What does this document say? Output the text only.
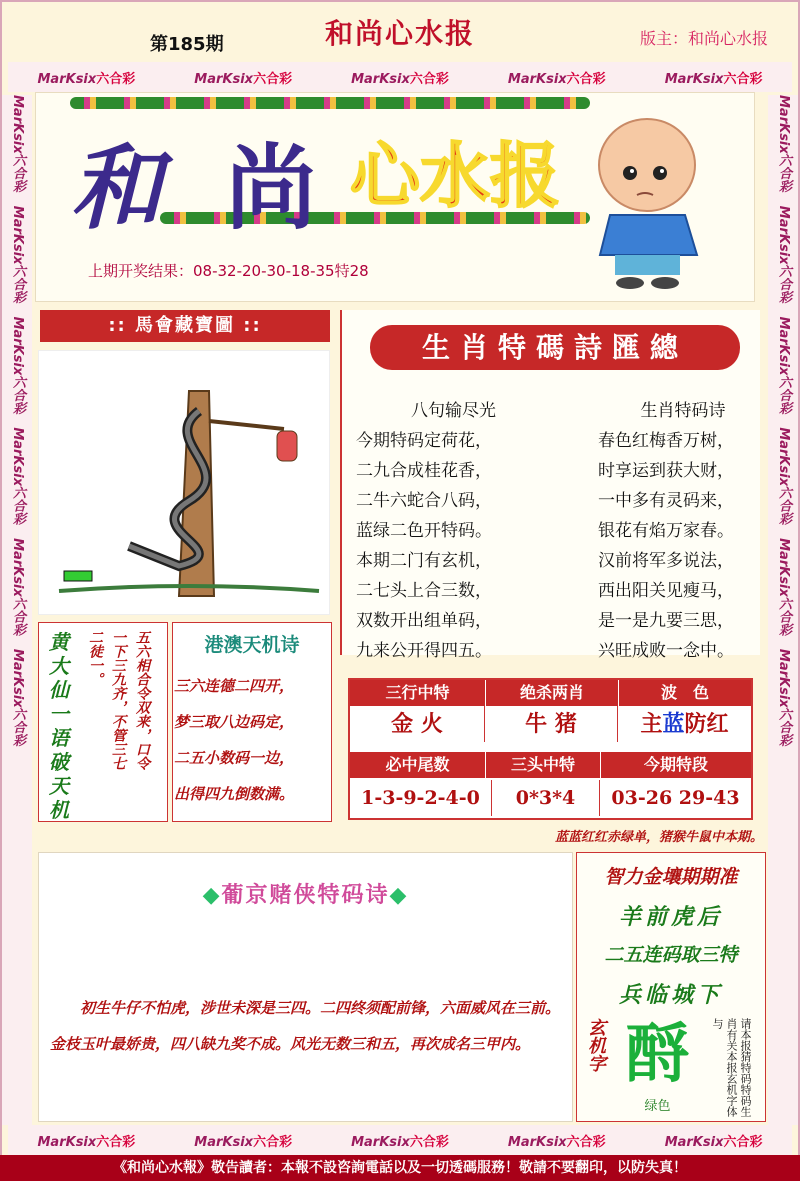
第185期	和尚心水报	版主：和尚心水报
MarKsix六合彩	MarKsix六合彩	MarKsix六合彩	MarKsix六合彩	MarKsix六合彩
MarKsix六合彩	MarKsix六合彩	MarKsix六合彩	MarKsix六合彩	MarKsix六合彩
MarKsix六合彩　MarKsix六合彩　MarKsix六合彩　MarKsix六合彩　MarKsix六合彩　MarKsix六合彩
MarKsix六合彩　MarKsix六合彩　MarKsix六合彩　MarKsix六合彩　MarKsix六合彩　MarKsix六合彩
和 尚 心水报
上期开奖结果：08-32-20-30-18-35特28
:: 馬會藏寶圖 ::
生肖特碼詩匯總
八句输尽光
今期特码定荷花，
二九合成桂花香，
二牛六蛇合八码，
蓝绿二色开特码。
本期二门有玄机，
二七头上合三数，
双数开出组单码，
九来公开得四五。
生肖特码诗
春色红梅香万树，
时享运到获大财，
一中多有灵码来，
银花有焰万家春。
汉前将军多说法，
西出阳关见瘦马，
是一是九要三思，
兴旺成败一念中。
黄大仙一语破天机
二徒一。 一下三九齐，不管三七 五六相合令双来，口令	港澳天机诗
三六连德二四开，
梦三取八边码定，
二五小数码一边，
出得四九倒数满。
三行中特	绝杀两肖	波　色
金 火	牛 猪	主蓝防红
必中尾数	三头中特	今期特段
1-3-9-2-4-0	0*3*4	03-26 29-43
蓝蓝红红赤绿单，猪猴牛鼠中本期。
◆葡京赌侠特码诗◆
初生牛仔不怕虎，涉世未深是三四。二四终须配前锋，六面威风在三前。金枝玉叶最娇贵，四八缺九奖不成。风光无数三和五，再次成名三甲内。
智力金壤期期准
羊前虎后
二五连码取三特
兵临城下
玄机字 酹
绿色	请本报猜特码特码生肖有关本报玄机字体与
《和尚心水報》敬告讀者：本報不設咨詢電話以及一切透碼服務！敬請不要翻印，以防失真！
